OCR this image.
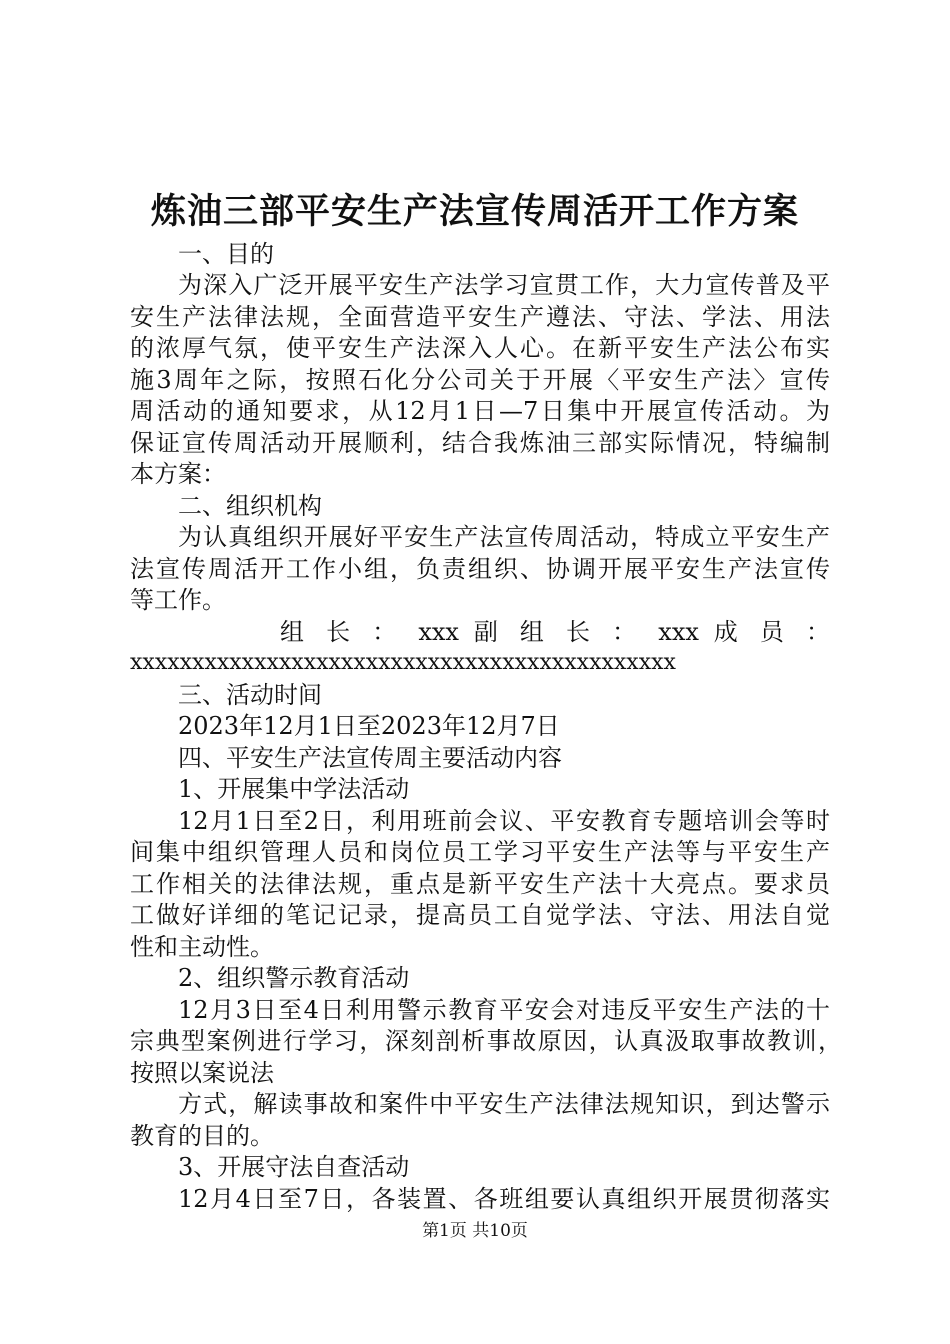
炼油三部平安生产法宣传周活开工作方案
一、目的
为深入广泛开展平安生产法学习宣贯工作，大力宣传普及平
安生产法律法规，全面营造平安生产遵法、守法、学法、用法
的浓厚气氛，使平安生产法深入人心。在新平安生产法公布实
施3周年之际，按照石化分公司关于开展〈平安生产法〉宣传
周活动的通知要求，从12月1日—7日集中开展宣传活动。为
保证宣传周活动开展顺利，结合我炼油三部实际情况，特编制
本方案：
二、组织机构
为认真组织开展好平安生产法宣传周活动，特成立平安生产
法宣传周活开工作小组，负责组织、协调开展平安生产法宣传
等工作。
组 长 ： xxx 副 组 长 ： xxx 成 员 ：
xxxxxxxxxxxxxxxxxxxxxxxxxxxxxxxxxxxxxxxxxxxx
三、活动时间
2023年12月1日至2023年12月7日
四、平安生产法宣传周主要活动内容
1、开展集中学法活动
12月1日至2日，利用班前会议、平安教育专题培训会等时
间集中组织管理人员和岗位员工学习平安生产法等与平安生产
工作相关的法律法规，重点是新平安生产法十大亮点。要求员
工做好详细的笔记记录，提高员工自觉学法、守法、用法自觉
性和主动性。
2、组织警示教育活动
12月3日至4日利用警示教育平安会对违反平安生产法的十
宗典型案例进行学习，深刻剖析事故原因，认真汲取事故教训，
按照以案说法
方式，解读事故和案件中平安生产法律法规知识，到达警示
教育的目的。
3、开展守法自查活动
12月4日至7日，各装置、各班组要认真组织开展贯彻落实
第1页 共10页
